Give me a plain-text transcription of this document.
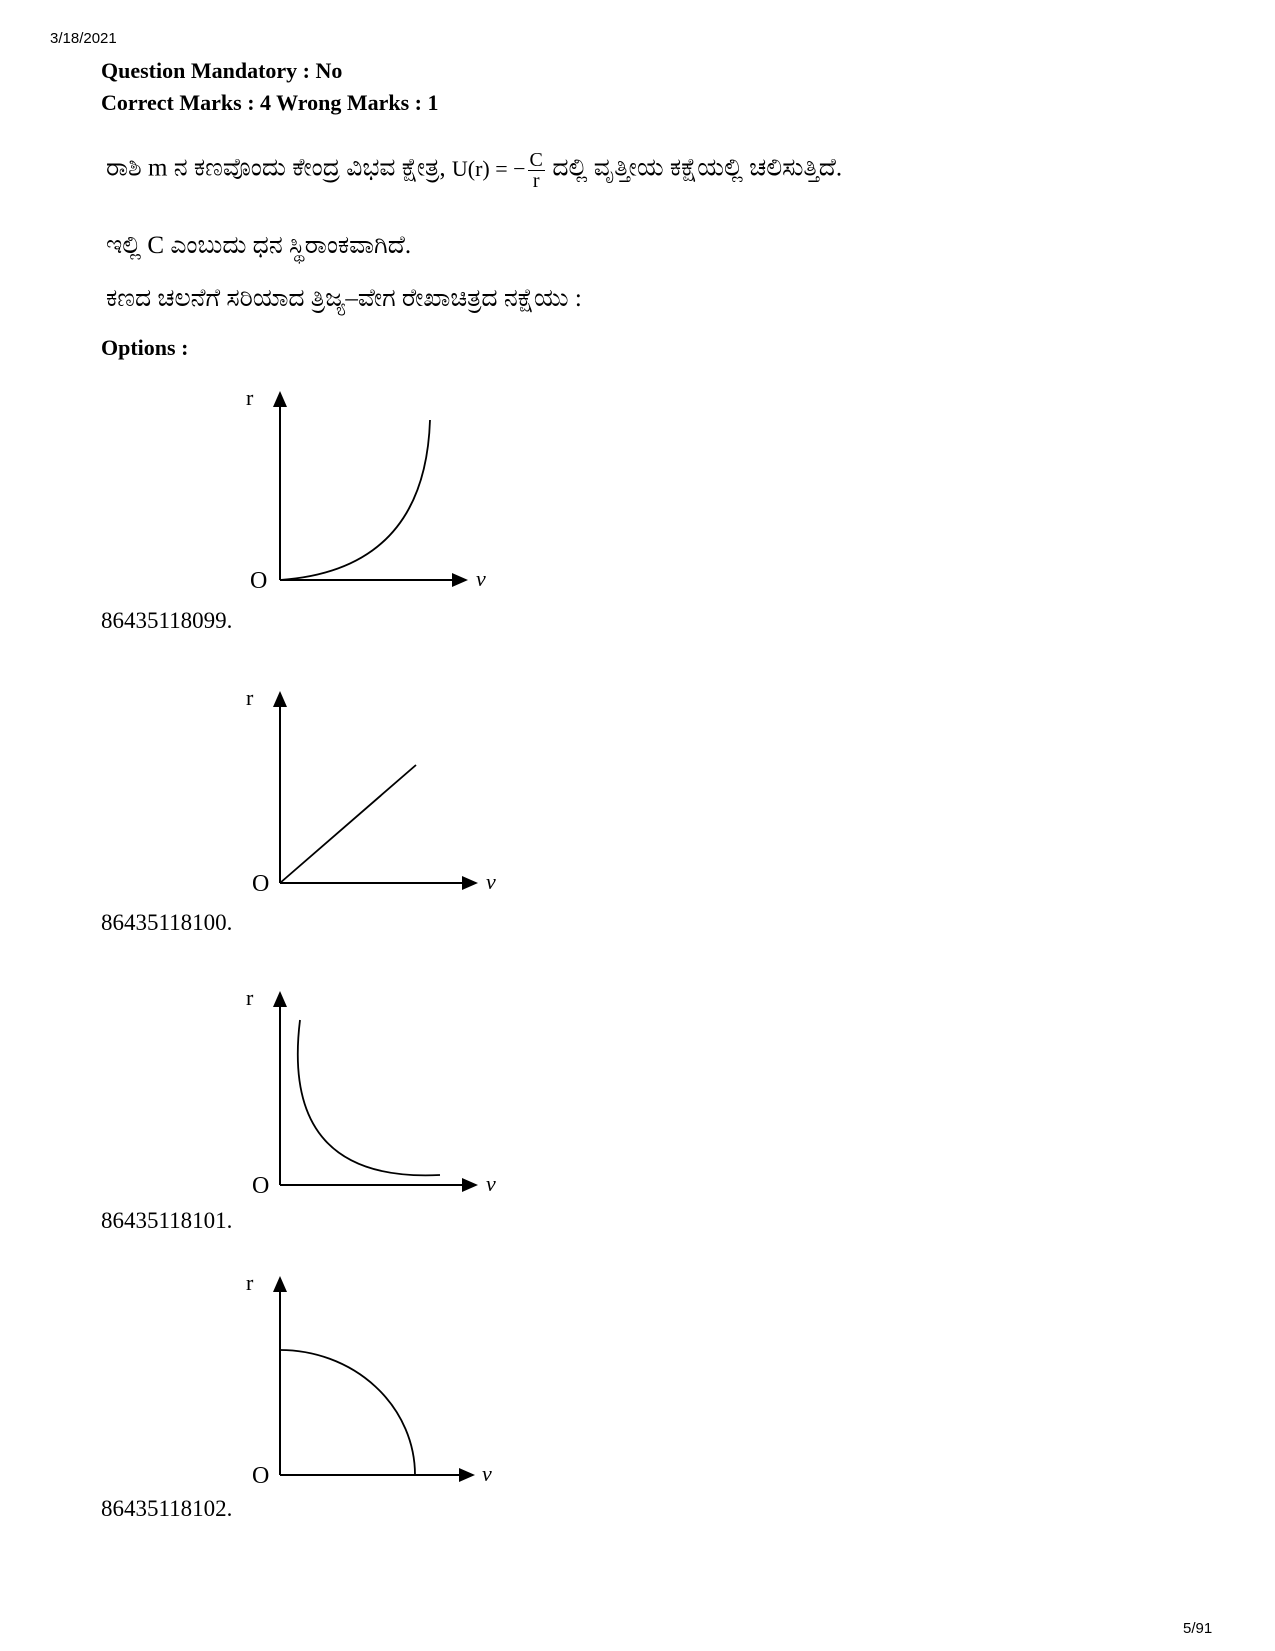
3/18/2021
Question Mandatory : No
Correct Marks : 4 Wrong Marks : 1
ರಾಶಿ m ನ ಕಣವೊಂದು ಕೇಂದ್ರ ವಿಭವ ಕ್ಷೇತ್ರ, U(r) = − $\frac{C}{r}$ ದಲ್ಲಿ ವೃತ್ತೀಯ ಕಕ್ಷೆಯಲ್ಲಿ ಚಲಿಸುತ್ತಿದೆ.
ಇಲ್ಲಿ C ಎಂಬುದು ಧನ ಸ್ಥಿರಾಂಕವಾಗಿದೆ.
ಕಣದ ಚಲನೆಗೆ ಸರಿಯಾದ ತ್ರಿಜ್ಯ–ವೇಗ ರೇಖಾಚಿತ್ರದ ನಕ್ಷೆಯು :
Options :
86435118099.
r
v
O
86435118100.
r
v
O
86435118101.
r
v
O
86435118102.
r
v
O
5/91
